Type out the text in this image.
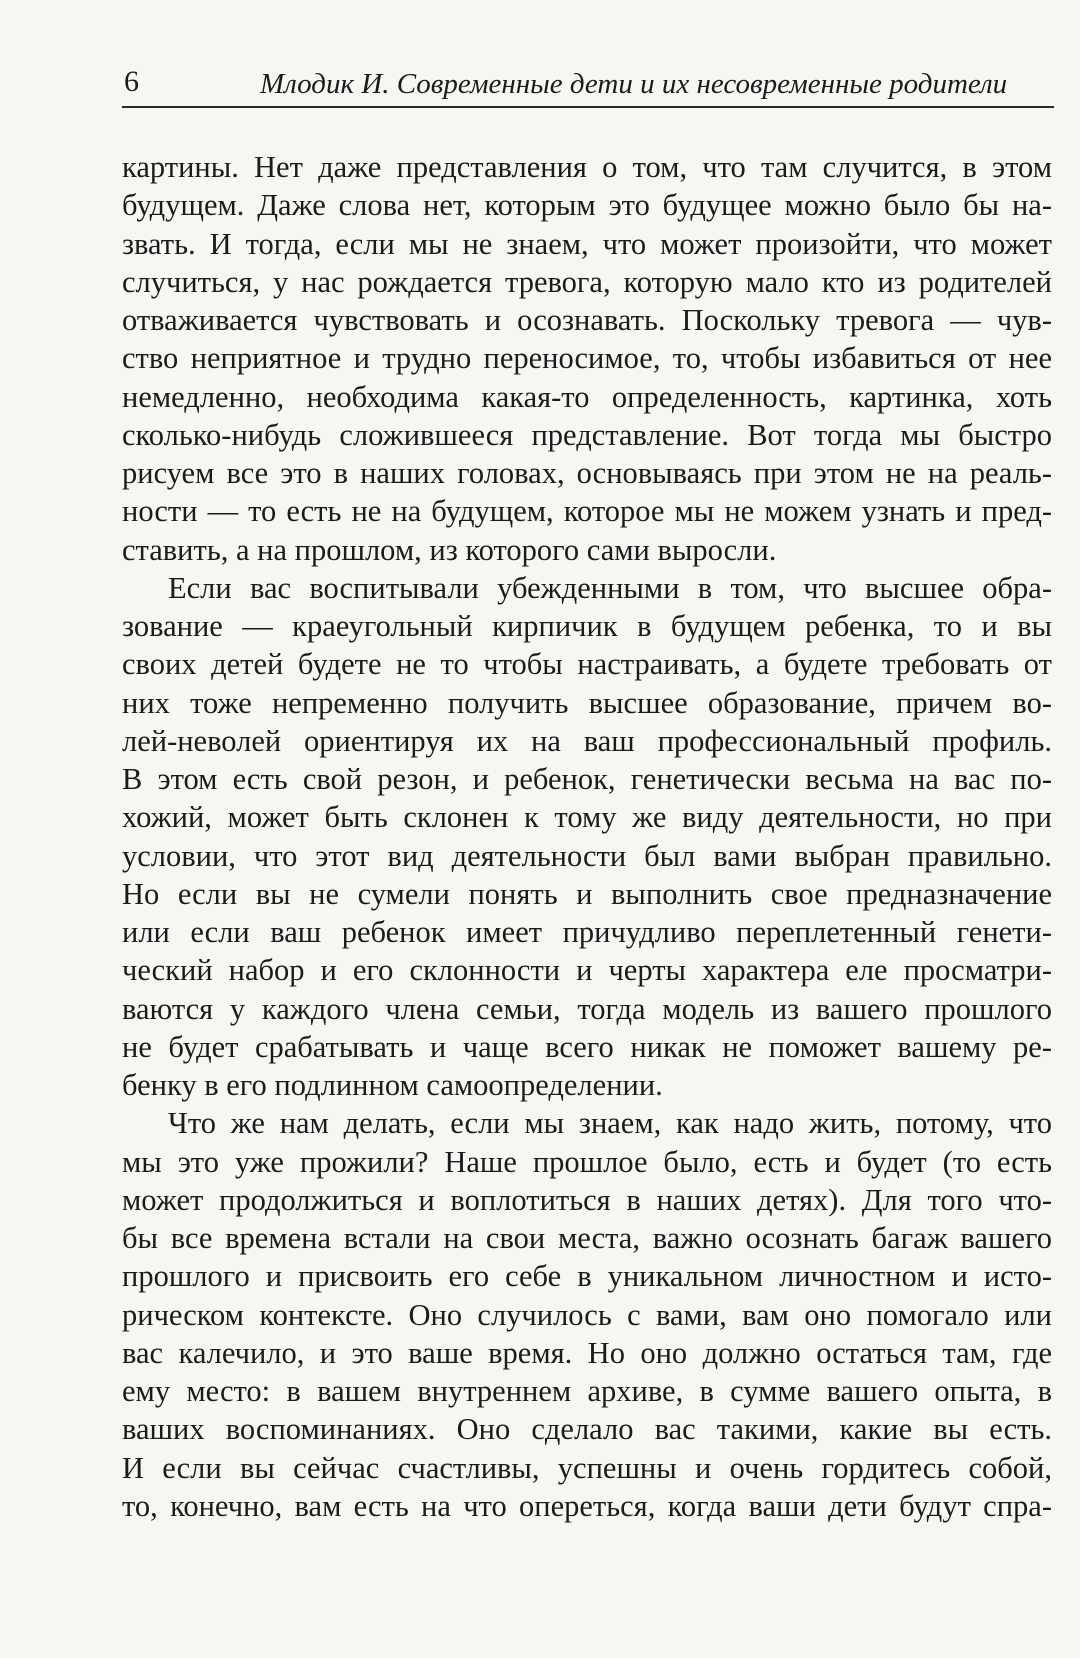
6	Млодик И. Современные дети и их несовременные родители
картины. Нет даже представления о том, что там случится, в этом
будущем. Даже слова нет, которым это будущее можно было бы на-
звать. И тогда, если мы не знаем, что может произойти, что может
случиться, у нас рождается тревога, которую мало кто из родителей
отваживается чувствовать и осознавать. Поскольку тревога — чув-
ство неприятное и трудно переносимое, то, чтобы избавиться от нее
немедленно, необходима какая-то определенность, картинка, хоть
сколько-нибудь сложившееся представление. Вот тогда мы быстро
рисуем все это в наших головах, основываясь при этом не на реаль-
ности — то есть не на будущем, которое мы не можем узнать и пред-
ставить, а на прошлом, из которого сами выросли.
Если вас воспитывали убежденными в том, что высшее обра-
зование — краеугольный кирпичик в будущем ребенка, то и вы
своих детей будете не то чтобы настраивать, а будете требовать от
них тоже непременно получить высшее образование, причем во-
лей-неволей ориентируя их на ваш профессиональный профиль.
В этом есть свой резон, и ребенок, генетически весьма на вас по-
хожий, может быть склонен к тому же виду деятельности, но при
условии, что этот вид деятельности был вами выбран правильно.
Но если вы не сумели понять и выполнить свое предназначение
или если ваш ребенок имеет причудливо переплетенный генети-
ческий набор и его склонности и черты характера еле просматри-
ваются у каждого члена семьи, тогда модель из вашего прошлого
не будет срабатывать и чаще всего никак не поможет вашему ре-
бенку в его подлинном самоопределении.
Что же нам делать, если мы знаем, как надо жить, потому, что
мы это уже прожили? Наше прошлое было, есть и будет (то есть
может продолжиться и воплотиться в наших детях). Для того что-
бы все времена встали на свои места, важно осознать багаж вашего
прошлого и присвоить его себе в уникальном личностном и исто-
рическом контексте. Оно случилось с вами, вам оно помогало или
вас калечило, и это ваше время. Но оно должно остаться там, где
ему место: в вашем внутреннем архиве, в сумме вашего опыта, в
ваших воспоминаниях. Оно сделало вас такими, какие вы есть.
И если вы сейчас счастливы, успешны и очень гордитесь собой,
то, конечно, вам есть на что опереться, когда ваши дети будут спра-
